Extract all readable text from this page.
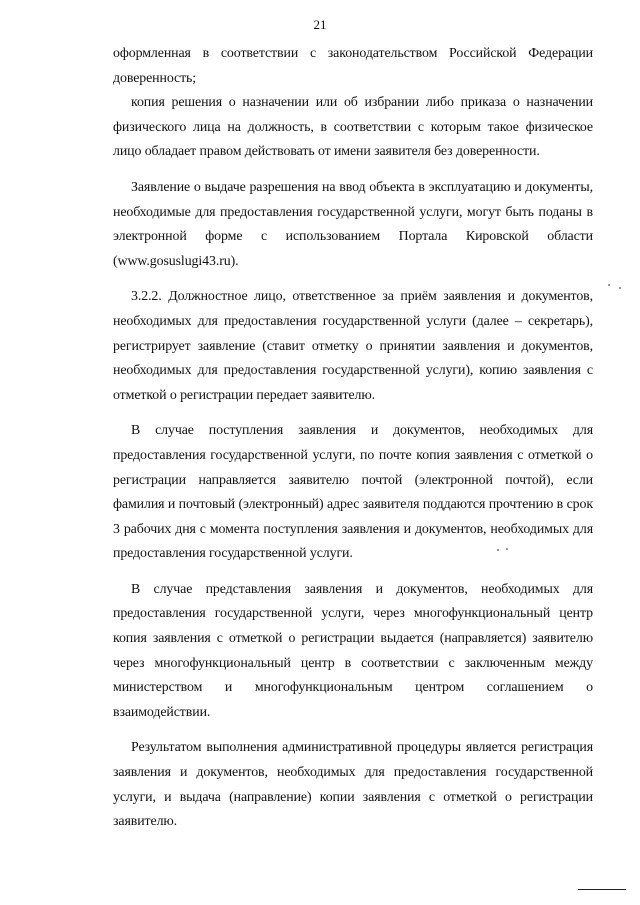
21

оформленная в соответствии с законодательством Российской Федерации доверенность;

копия решения о назначении или об избрании либо приказа о назначении физического лица на должность, в соответствии с которым такое физическое лицо обладает правом действовать от имени заявителя без доверенности.

Заявление о выдаче разрешения на ввод объекта в эксплуатацию и документы, необходимые для предоставления государственной услуги, могут быть поданы в электронной форме с использованием Портала Кировской области (www.gosuslugi43.ru).

3.2.2. Должностное лицо, ответственное за приём заявления и документов, необходимых для предоставления государственной услуги (далее – секретарь), регистрирует заявление (ставит отметку о принятии заявления и документов, необходимых для предоставления государственной услуги), копию заявления с отметкой о регистрации передает заявителю.

В случае поступления заявления и документов, необходимых для предоставления государственной услуги, по почте копия заявления с отметкой о регистрации направляется заявителю почтой (электронной почтой), если фамилия и почтовый (электронный) адрес заявителя поддаются прочтению в срок 3 рабочих дня с момента поступления заявления и документов, необходимых для предоставления государственной услуги.

В случае представления заявления и документов, необходимых для предоставления государственной услуги, через многофункциональный центр копия заявления с отметкой о регистрации выдается (направляется) заявителю через многофункциональный центр в соответствии с заключенным между министерством и многофункциональным центром соглашением о взаимодействии.

Результатом выполнения административной процедуры является регистрация заявления и документов, необходимых для предоставления государственной услуги, и выдача (направление) копии заявления с отметкой о регистрации заявителю.
